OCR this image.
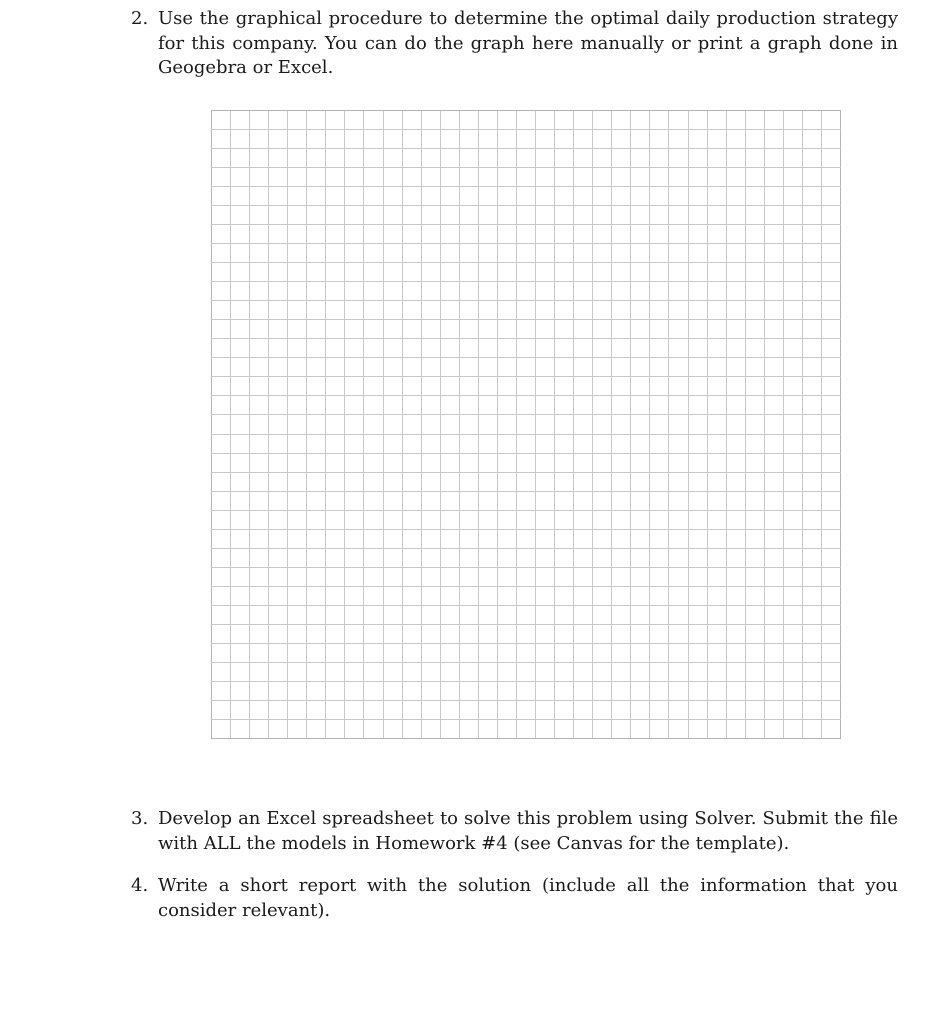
2. Use the graphical procedure to determine the optimal daily production strategy for this company. You can do the graph here manually or print a graph done in Geogebra or Excel.
3. Develop an Excel spreadsheet to solve this problem using Solver. Submit the file with ALL the models in Homework #4 (see Canvas for the template).
4. Write a short report with the solution (include all the information that you consider relevant).
